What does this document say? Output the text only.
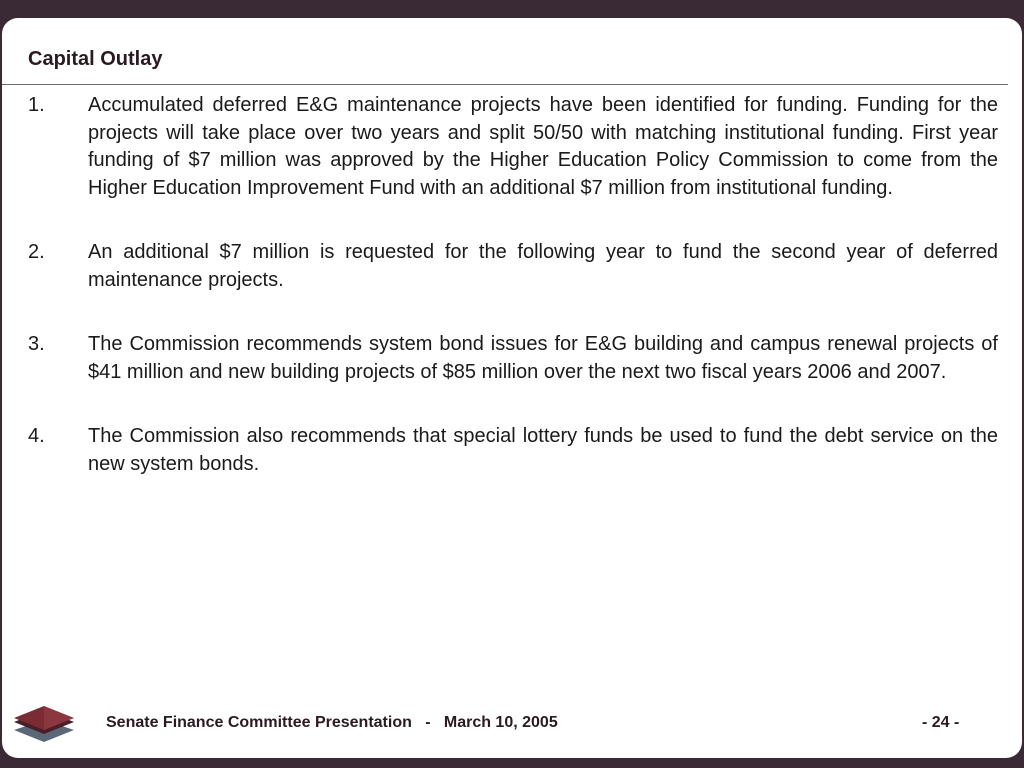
Capital Outlay
1.	Accumulated deferred E&G maintenance projects have been identified for funding. Funding for the projects will take place over two years and split 50/50 with matching institutional funding. First year funding of $7 million was approved by the Higher Education Policy Commission to come from the Higher Education Improvement Fund with an additional $7 million from institutional funding.
2.	An additional $7 million is requested for the following year to fund the second year of deferred maintenance projects.
3.	The Commission recommends system bond issues for E&G building and campus renewal projects of $41 million and new building projects of $85 million over the next two fiscal years 2006 and 2007.
4.	The Commission also recommends that special lottery funds be used to fund the debt service on the new system bonds.
Senate Finance Committee Presentation   -   March 10, 2005	- 24 -
